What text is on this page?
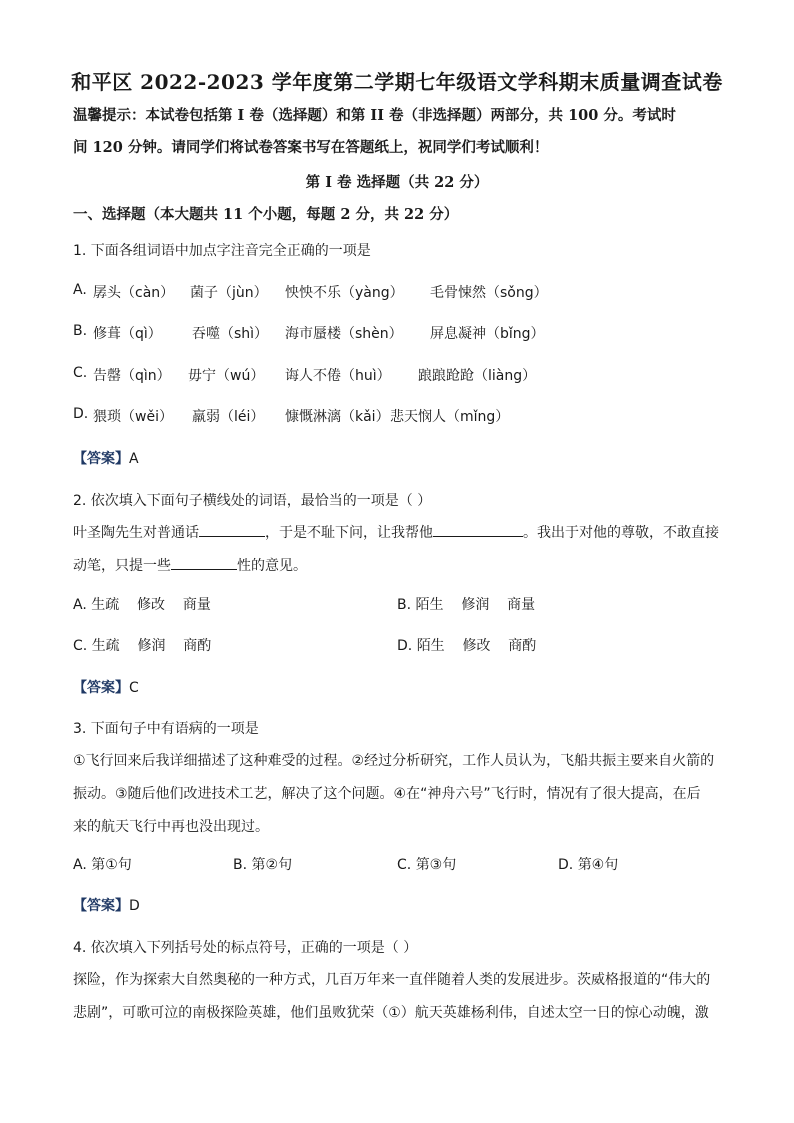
和平区 2022-2023 学年度第二学期七年级语文学科期末质量调查试卷
温馨提示：本试卷包括第 I 卷（选择题）和第 II 卷（非选择题）两部分，共 100 分。考试时
间 120 分钟。请同学们将试卷答案书写在答题纸上，祝同学们考试顺利！
第 I 卷 选择题（共 22 分）
一、选择题（本大题共 11 个小题，每题 2 分，共 22 分）
1. 下面各组词语中加点字注音完全正确的一项是
A. 孱头（càn） 菌子（jùn） 怏怏不乐（yàng） 毛骨悚然（sǒng）
B. 修葺（qì） 吞噬（shì） 海市蜃楼（shèn） 屏息凝神（bǐng）
C. 告罄（qìn） 毋宁（wú） 诲人不倦（huì） 踉踉跄跄（liàng）
D. 猥琐（wěi） 羸弱（léi） 慷慨淋漓（kǎi） 悲天悯人（mǐng）
【答案】A
2. 依次填入下面句子横线处的词语，最恰当的一项是（ ）
叶圣陶先生对普通话	，于是不耻下问，让我帮他	。我出于对他的尊敬，不敢直接
动笔，只提一些	性的意见。
A. 生疏    修改    商量	B. 陌生    修润    商量
C. 生疏    修润    商酌	D. 陌生    修改    商酌
【答案】C
3. 下面句子中有语病的一项是
①飞行回来后我详细描述了这种难受的过程。②经过分析研究，工作人员认为，飞船共振主要来自火箭的
振动。③随后他们改进技术工艺，解决了这个问题。④在“神舟六号”飞行时，情况有了很大提高，在后
来的航天飞行中再也没出现过。
A. 第①句	B. 第②句	C. 第③句	D. 第④句
【答案】D
4. 依次填入下列括号处的标点符号，正确的一项是（ ）
探险，作为探索大自然奥秘的一种方式，几百万年来一直伴随着人类的发展进步。茨威格报道的“伟大的
悲剧”，可歌可泣的南极探险英雄，他们虽败犹荣（①）航天英雄杨利伟，自述太空一日的惊心动魄，激
